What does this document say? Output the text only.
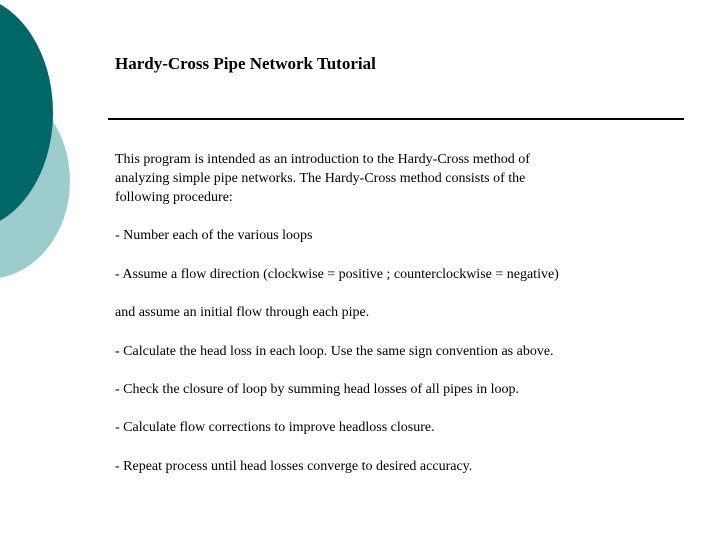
Hardy-Cross Pipe Network Tutorial
This program is intended as an introduction to the Hardy-Cross method of
analyzing simple pipe networks. The Hardy-Cross method consists of the
following procedure:
- Number each of the various loops
- Assume a flow direction (clockwise = positive ; counterclockwise = negative)
and assume an initial flow through each pipe.
- Calculate the head loss in each loop. Use the same sign convention as above.
- Check the closure of loop by summing head losses of all pipes in loop.
- Calculate flow corrections to improve headloss closure.
- Repeat process until head losses converge to desired accuracy.
